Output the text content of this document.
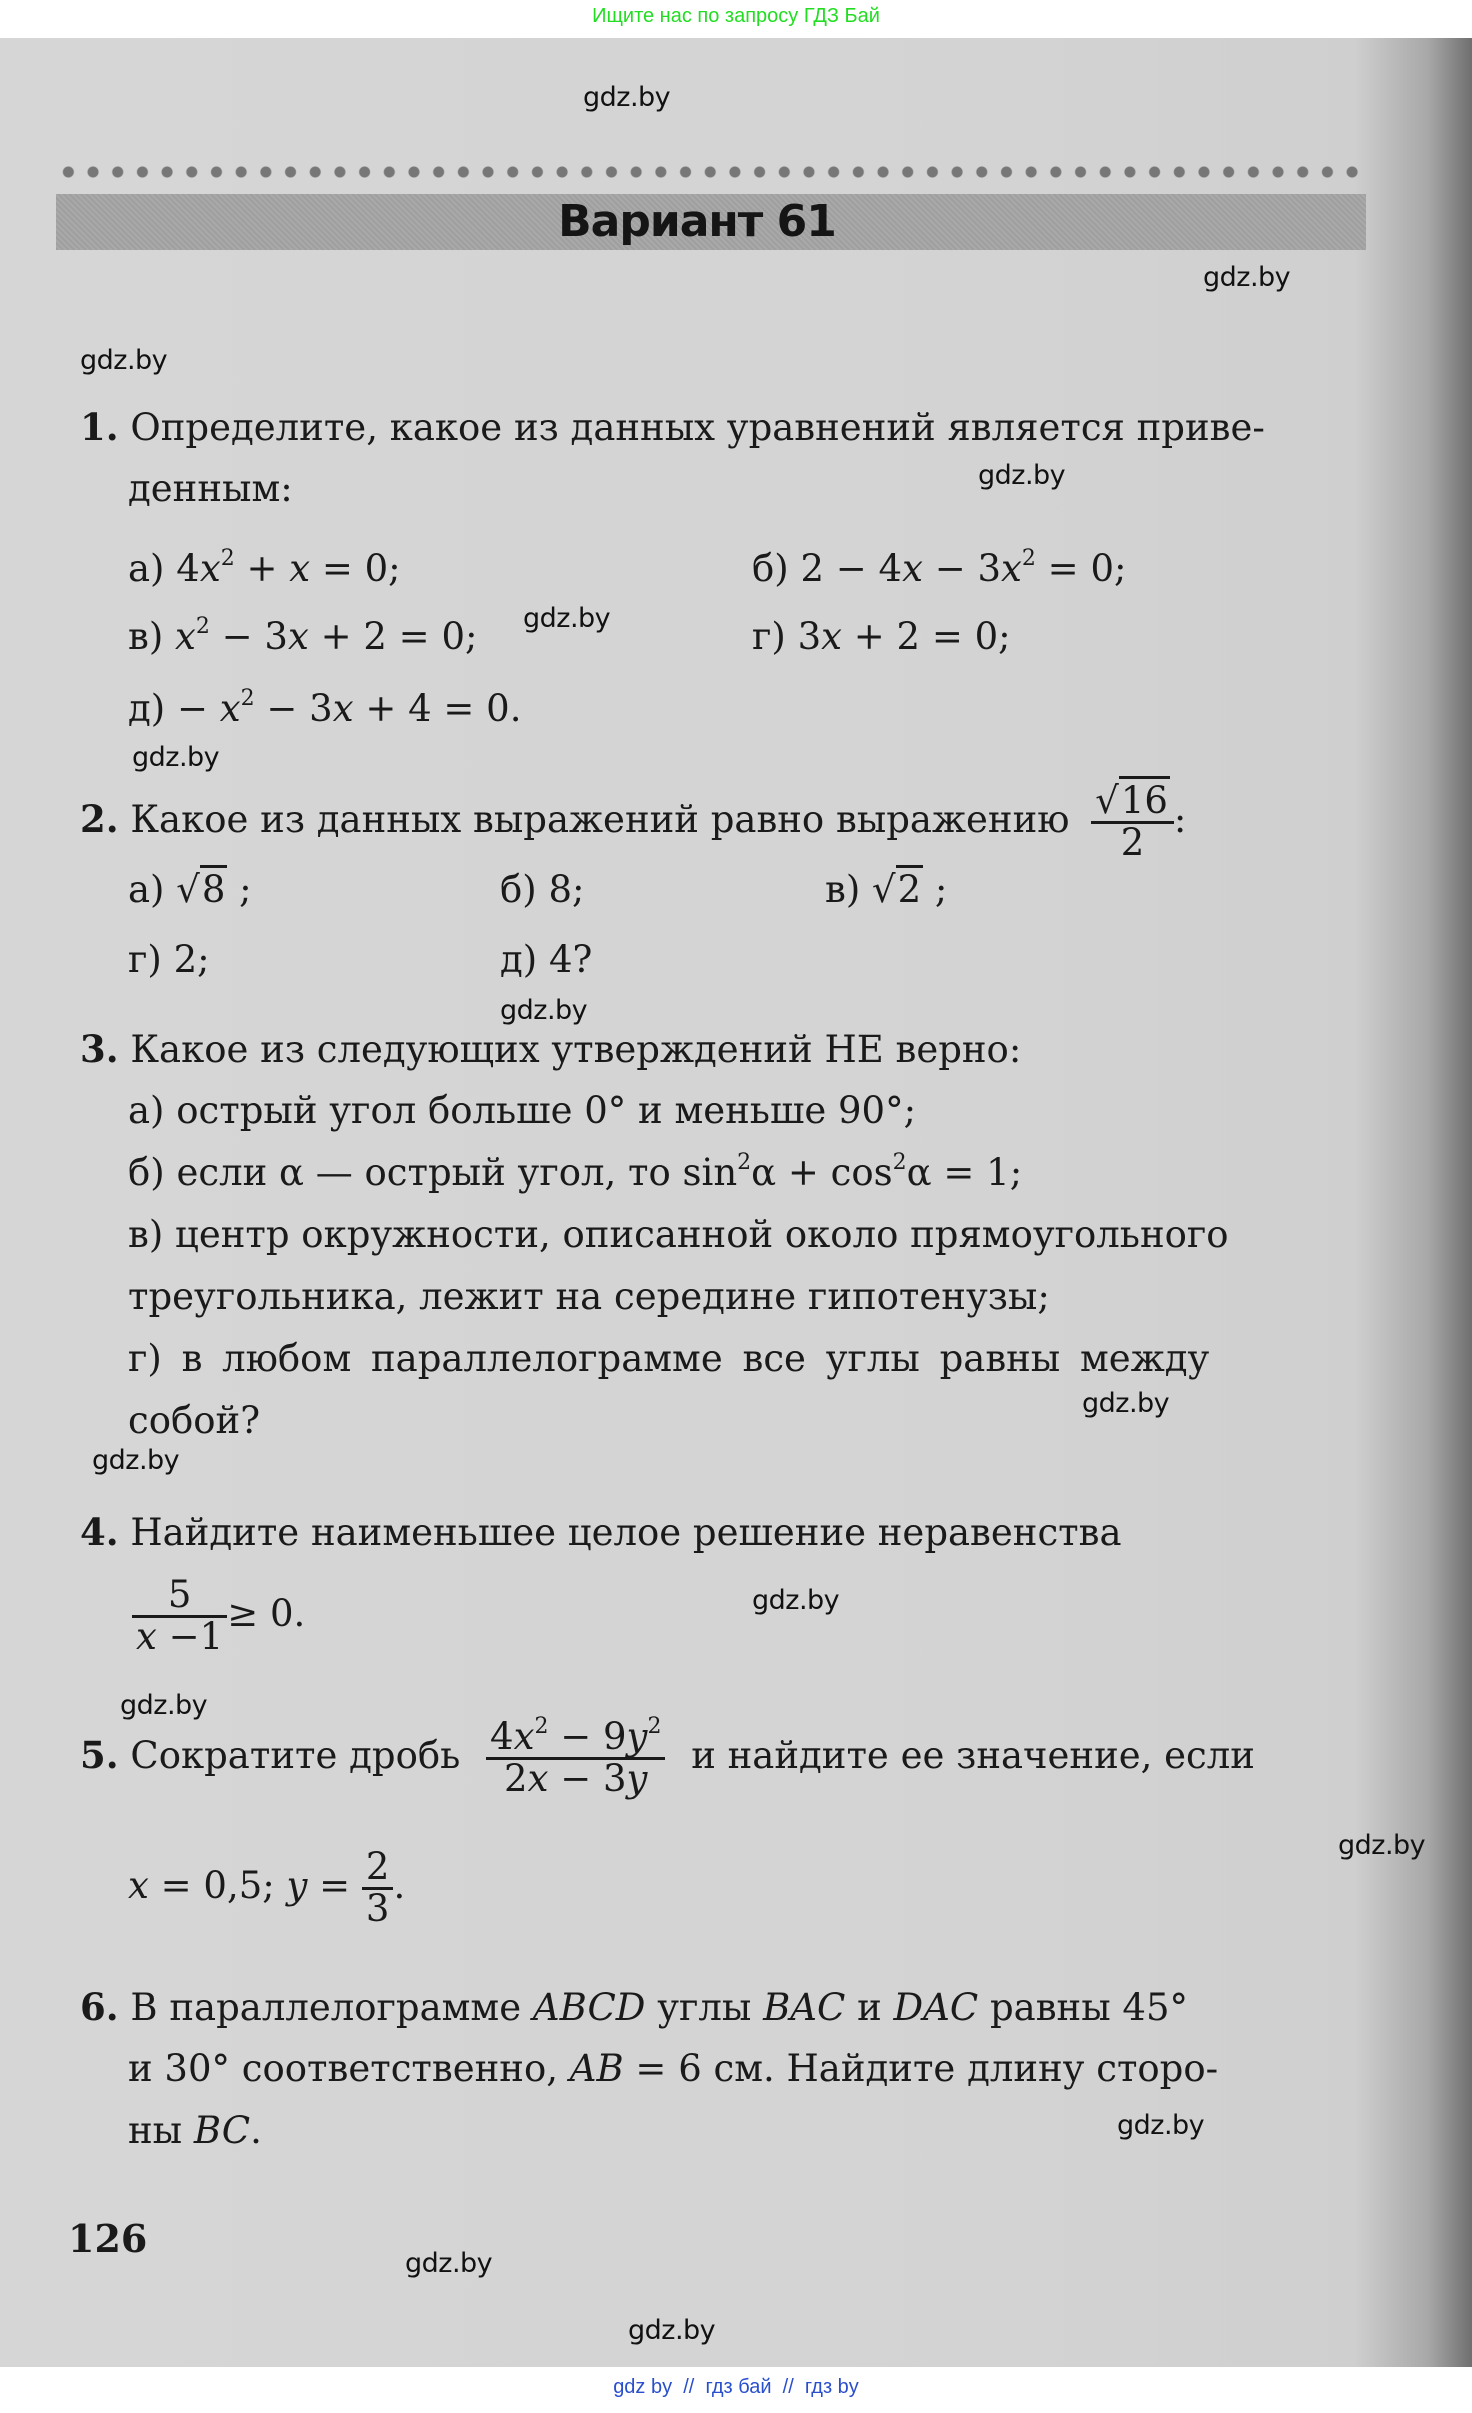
Ищите нас по запросу ГДЗ Бай
gdz.by
gdz.by
gdz.by
gdz.by
gdz.by
gdz.by
gdz.by
gdz.by
gdz.by
gdz.by
gdz.by
gdz.by
gdz.by
gdz.by
gdz.by
Вариант 61
1. Определите, какое из данных уравнений является приве-
денным:
а) $4x^2 + x = 0$;	б) $2 - 4x - 3x^2 = 0$;
в) $x^2 - 3x + 2 = 0$;	г) 3x + 2 = 0;
$д) - x^2 - 3x + 4 = 0$.
2. Какое из данных выражений равно выражению $\frac{√16}{2}$ :
а) √8 ;	б) 8;	в) √2 ;
г) 2;	д) 4?
3. Какое из следующих утверждений НЕ верно:
а) острый угол больше 0° и меньше 90°;
б) если α — острый угол, то $\sin^2\alpha + \cos^2\alpha = 1$;
в) центр окружности, описанной около прямоугольного
треугольника, лежит на середине гипотенузы;
г) в любом параллелограмме все углы равны между
собой?
4. Найдите наименьшее целое решение неравенства
$\frac{5}{x -1} \ge 0$.
5. Сократите дробь $\frac{4x^2 - 9y^2}{2x - 3y}$ и найдите ее значение, если
x = 0,5; $y = \frac{2}{3}$ .
6. В параллелограмме ABCD углы BAC и DAC равны 45°
и 30° соответственно, AB = 6 см. Найдите длину сторо-
ны BC.
126
gdz by  //  гдз бай  //  гдз by
